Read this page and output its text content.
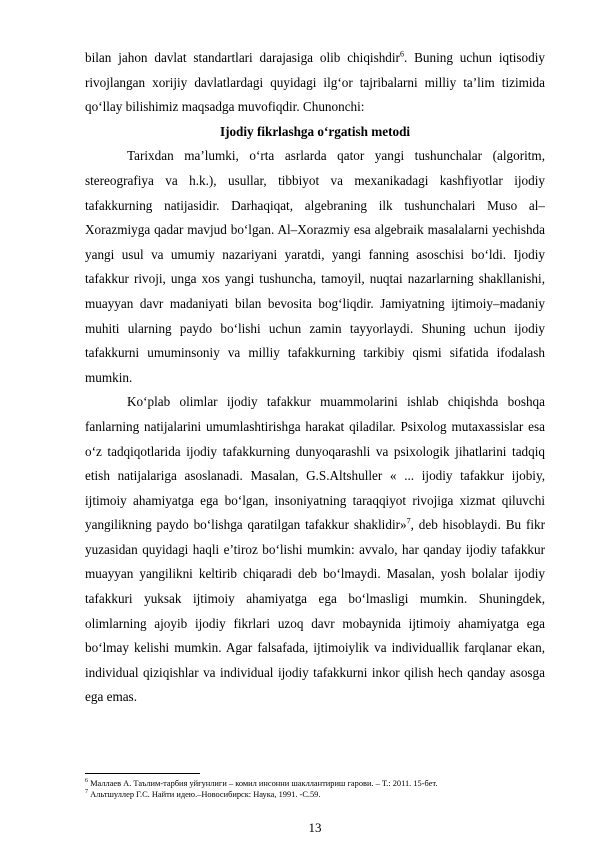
bilan jahon davlat standartlari darajasiga olib chiqishdir$^6$. Buning uchun iqtisodiy rivojlangan xorijiy davlatlardagi quyidagi ilg‘or tajribalarni milliy ta’lim tizimida qo‘llay bilishimiz maqsadga muvofiqdir. Chunonchi:

Ijodiy fikrlashga o‘rgatish metodi

Tarixdan ma’lumki, o‘rta asrlarda qator yangi tushunchalar (algoritm, stereografiya va h.k.), usullar, tibbiyot va mexanikadagi kashfiyotlar ijodiy tafakkurning natijasidir. Darhaqiqat, algebraning ilk tushunchalari Muso al–Xorazmiyga qadar mavjud bo‘lgan. Al–Xorazmiy esa algebraik masalalarni yechishda yangi usul va umumiy nazariyani yaratdi, yangi fanning asoschisi bo‘ldi. Ijodiy tafakkur rivoji, unga xos yangi tushuncha, tamoyil, nuqtai nazarlarning shakllanishi, muayyan davr madaniyati bilan bevosita bog‘liqdir. Jamiyatning ijtimoiy–madaniy muhiti ularning paydo bo‘lishi uchun zamin tayyorlaydi. Shuning uchun ijodiy tafakkurni umuminsoniy va milliy tafakkurning tarkibiy qismi sifatida ifodalash mumkin.

Ko‘plab olimlar ijodiy tafakkur muammolarini ishlab chiqishda boshqa fanlarning natijalarini umumlashtirishga harakat qiladilar. Psixolog mutaxassislar esa o‘z tadqiqotlarida ijodiy tafakkurning dunyoqarashli va psixologik jihatlarini tadqiq etish natijalariga asoslanadi. Masalan, G.S.Altshuller « ... ijodiy tafakkur ijobiy, ijtimoiy ahamiyatga ega bo‘lgan, insoniyatning taraqqiyot rivojiga xizmat qiluvchi yangilikning paydo bo‘lishga qaratilgan tafakkur shaklidir»$^7$, deb hisoblaydi. Bu fikr yuzasidan quyidagi haqli e’tiroz bo‘lishi mumkin: avvalo, har qanday ijodiy tafakkur muayyan yangilikni keltirib chiqaradi deb bo‘lmaydi. Masalan, yosh bolalar ijodiy tafakkuri yuksak ijtimoiy ahamiyatga ega bo‘lmasligi mumkin. Shuningdek, olimlarning ajoyib ijodiy fikrlari uzoq davr mobaynida ijtimoiy ahamiyatga ega bo‘lmay kelishi mumkin. Agar falsafada, ijtimoiylik va individuallik farqlanar ekan, individual qiziqishlar va individual ijodiy tafakkurni inkor qilish hech qanday asosga ega emas.

$^6$ Маллаев А. Таълим-тарбия уйғунлиги – комил инсонни шакллантириш гарови. – Т.: 2011. 15-бет.

$^7$ Альтшуллер Г.С. Найти идею.–Новосибирск: Наука, 1991. -С.59.

13
